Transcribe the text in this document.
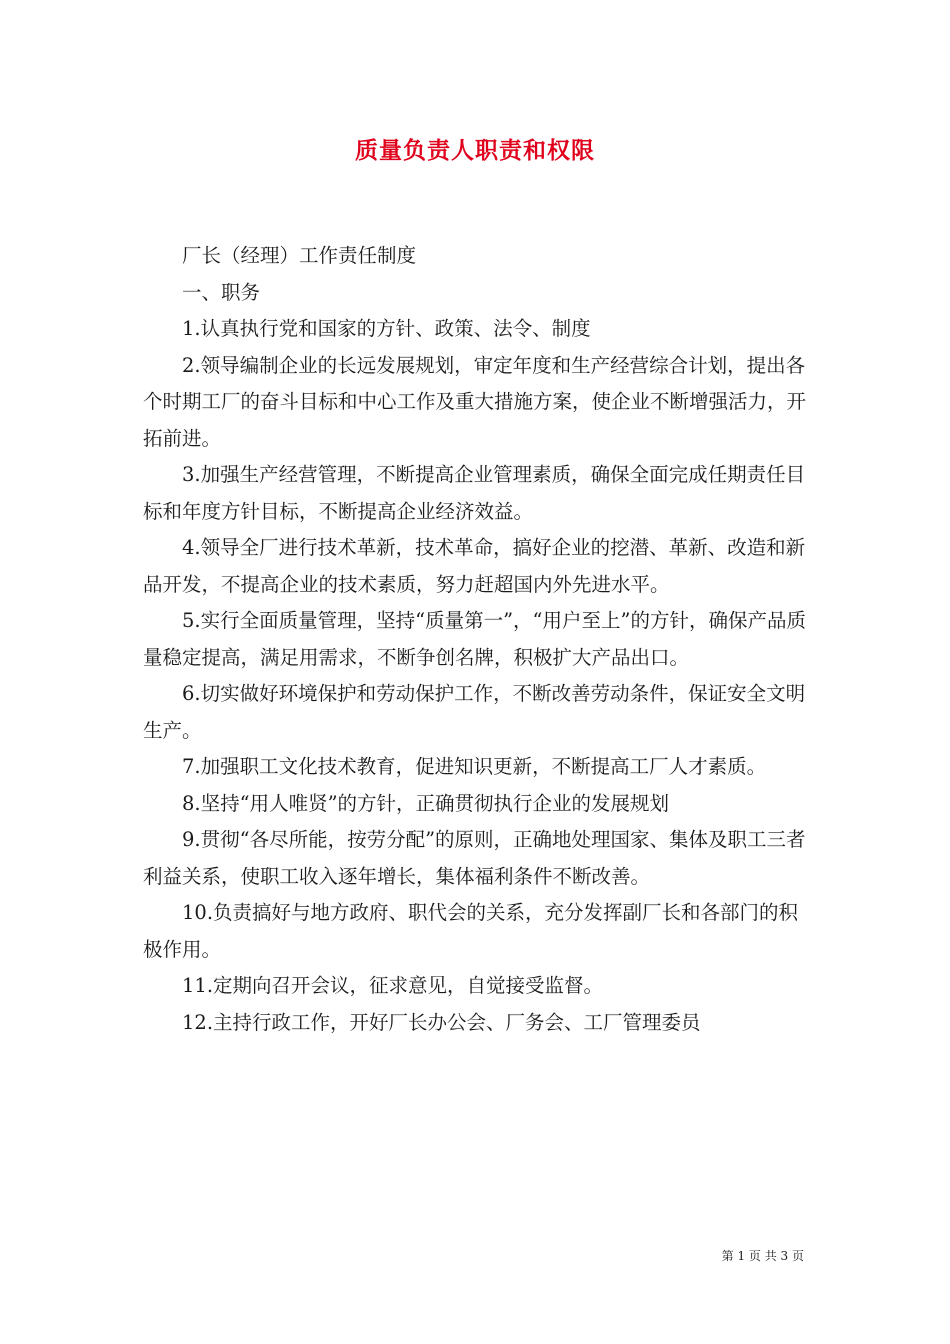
质量负责人职责和权限

厂长（经理）工作责任制度

一、职务

1.认真执行党和国家的方针、政策、法令、制度

2.领导编制企业的长远发展规划，审定年度和生产经营综合计划，提出各个时期工厂的奋斗目标和中心工作及重大措施方案，使企业不断增强活力，开拓前进。

3.加强生产经营管理，不断提高企业管理素质，确保全面完成任期责任目标和年度方针目标，不断提高企业经济效益。

4.领导全厂进行技术革新，技术革命，搞好企业的挖潜、革新、改造和新品开发，不提高企业的技术素质，努力赶超国内外先进水平。

5.实行全面质量管理，坚持“质量第一”，“用户至上”的方针，确保产品质量稳定提高，满足用需求，不断争创名牌，积极扩大产品出口。

6.切实做好环境保护和劳动保护工作，不断改善劳动条件，保证安全文明生产。

7.加强职工文化技术教育，促进知识更新，不断提高工厂人才素质。

8.坚持“用人唯贤”的方针，正确贯彻执行企业的发展规划

9.贯彻“各尽所能，按劳分配”的原则，正确地处理国家、集体及职工三者利益关系，使职工收入逐年增长，集体福利条件不断改善。

10.负责搞好与地方政府、职代会的关系，充分发挥副厂长和各部门的积极作用。

11.定期向召开会议，征求意见，自觉接受监督。

12.主持行政工作，开好厂长办公会、厂务会、工厂管理委员

第 1 页 共 3 页
